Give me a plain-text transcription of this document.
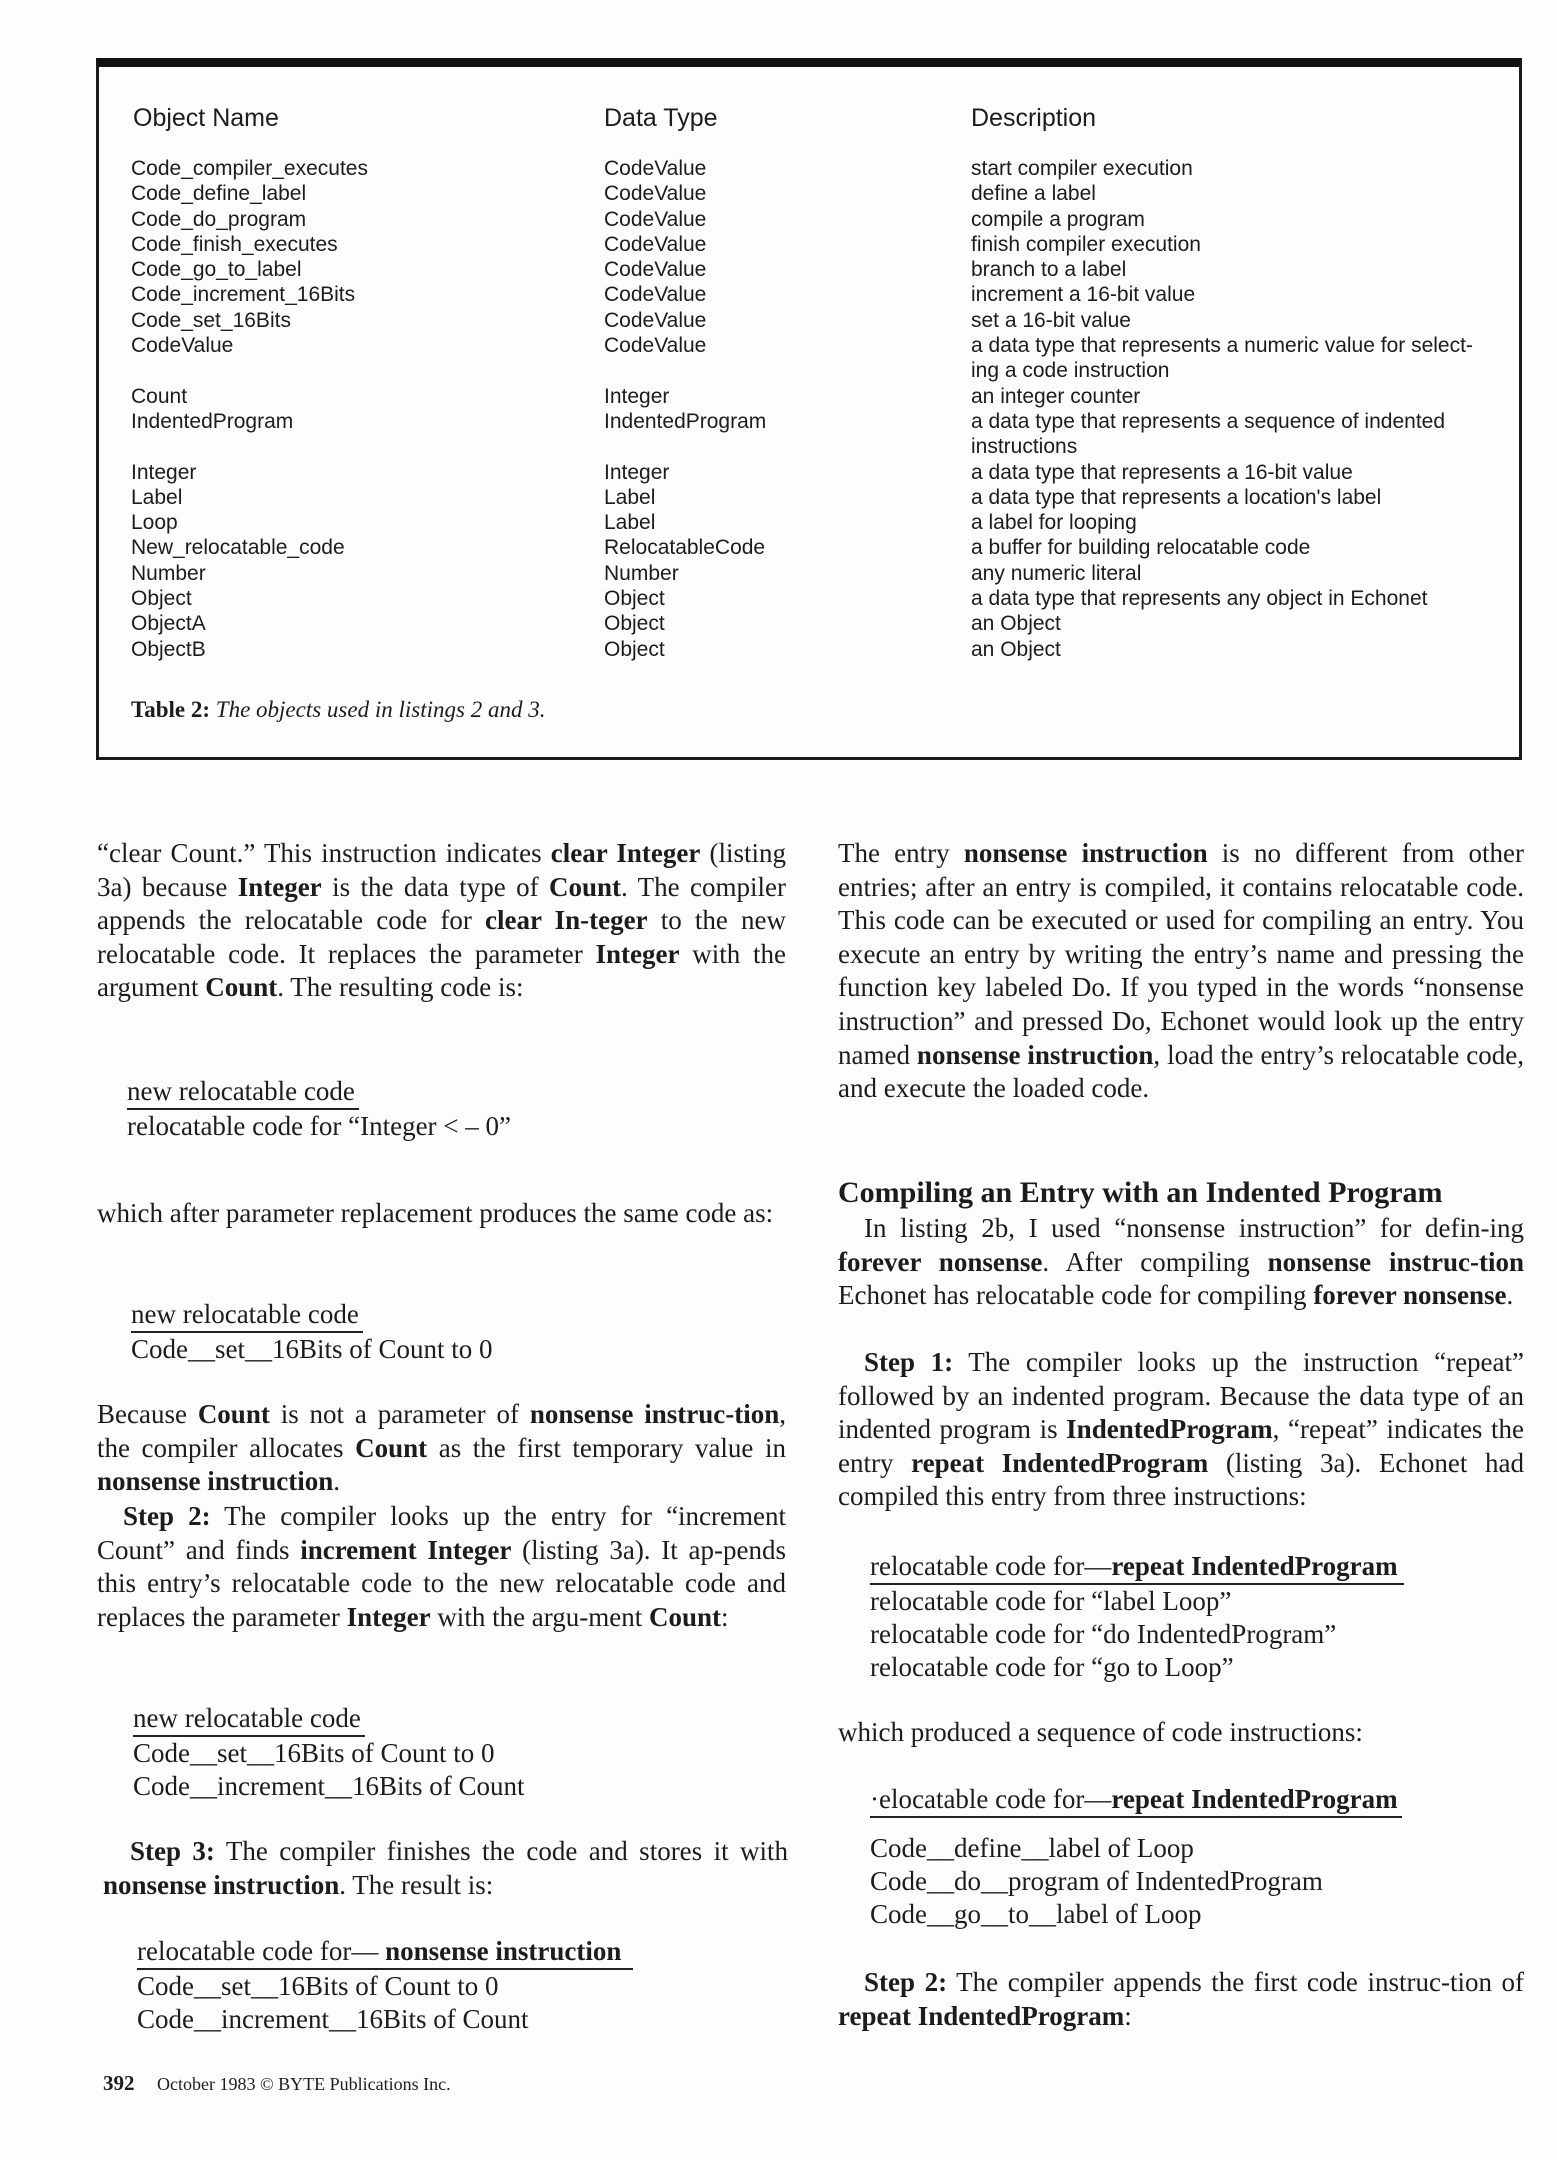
Object Name	Data Type	Description
Code_compiler_executes
Code_define_label
Code_do_program
Code_finish_executes
Code_go_to_label
Code_increment_16Bits
Code_set_16Bits
CodeValue
Count
IndentedProgram
Integer
Label
Loop
New_relocatable_code
Number
Object
ObjectA
ObjectB
CodeValue
CodeValue
CodeValue
CodeValue
CodeValue
CodeValue
CodeValue
CodeValue
Integer
IndentedProgram
Integer
Label
Label
RelocatableCode
Number
Object
Object
Object
start compiler execution
define a label
compile a program
finish compiler execution
branch to a label
increment a 16-bit value
set a 16-bit value
a data type that represents a numeric value for select-ing a code instruction
an integer counter
a data type that represents a sequence of indented instructions
a data type that represents a 16-bit value
a data type that represents a location's label
a label for looping
a buffer for building relocatable code
any numeric literal
a data type that represents any object in Echonet
an Object
an Object
Table 2: The objects used in listings 2 and 3.
“clear Count.” This instruction indicates clear Integer (listing 3a) because Integer is the data type of Count. The compiler appends the relocatable code for clear In-teger to the new relocatable code. It replaces the parameter Integer with the argument Count. The resulting code is:
new relocatable code
relocatable code for “Integer < – 0”
which after parameter replacement produces the same code as:
new relocatable code
Code__set__16Bits of Count to 0
Because Count is not a parameter of nonsense instruc-tion, the compiler allocates Count as the first temporary value in nonsense instruction.
Step 2: The compiler looks up the entry for “increment Count” and finds increment Integer (listing 3a). It ap-pends this entry’s relocatable code to the new relocatable code and replaces the parameter Integer with the argu-ment Count:
new relocatable code
Code__set__16Bits of Count to 0
Code__increment__16Bits of Count
Step 3: The compiler finishes the code and stores it with nonsense instruction. The result is:
relocatable code for— nonsense instruction
Code__set__16Bits of Count to 0
Code__increment__16Bits of Count
The entry nonsense instruction is no different from other entries; after an entry is compiled, it contains relocatable code. This code can be executed or used for compiling an entry. You execute an entry by writing the entry’s name and pressing the function key labeled Do. If you typed in the words “nonsense instruction” and pressed Do, Echonet would look up the entry named nonsense instruction, load the entry’s relocatable code, and execute the loaded code.
Compiling an Entry with an Indented Program
In listing 2b, I used “nonsense instruction” for defin-ing forever nonsense. After compiling nonsense instruc-tion Echonet has relocatable code for compiling forever nonsense.
Step 1: The compiler looks up the instruction “repeat” followed by an indented program. Because the data type of an indented program is IndentedProgram, “repeat” indicates the entry repeat IndentedProgram (listing 3a). Echonet had compiled this entry from three instructions:
relocatable code for—repeat IndentedProgram
relocatable code for “label Loop”
relocatable code for “do IndentedProgram”
relocatable code for “go to Loop”
which produced a sequence of code instructions:
·elocatable code for—repeat IndentedProgram
Code__define__label of Loop
Code__do__program of IndentedProgram
Code__go__to__label of Loop
Step 2: The compiler appends the first code instruc-tion of repeat IndentedProgram:
392 October 1983 © BYTE Publications Inc.
